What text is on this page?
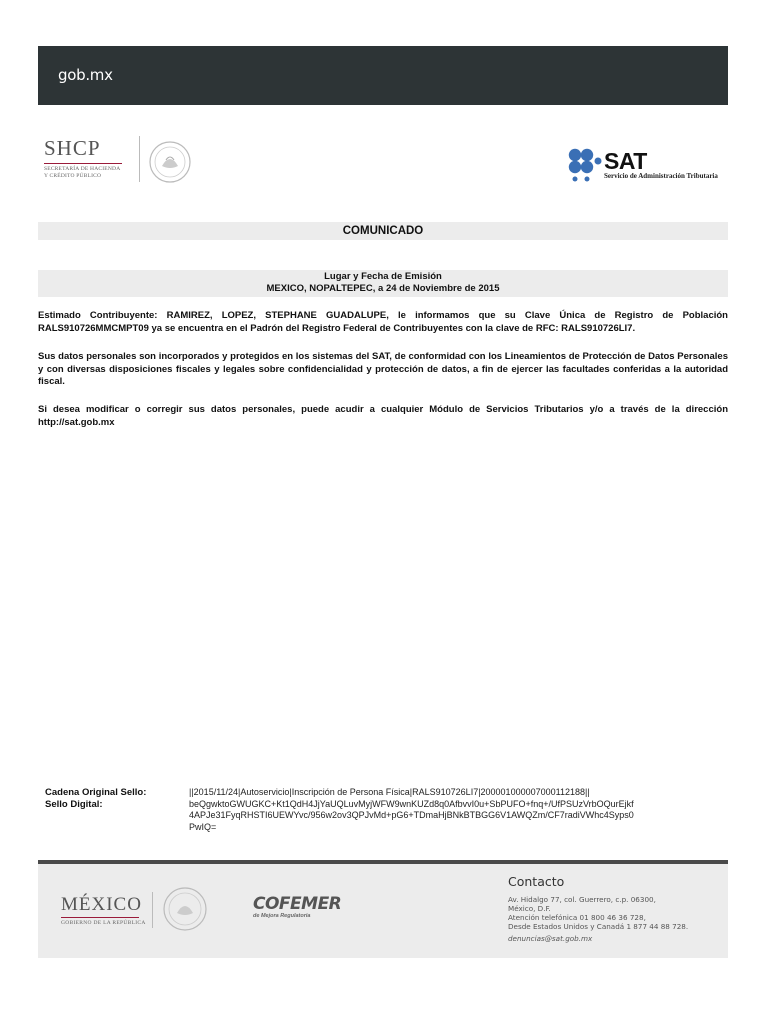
gob.mx
SHCP
SECRETARÍA DE HACIENDA
Y CRÉDITO PÚBLICO
SAT
Servicio de Administración Tributaria
COMUNICADO
Lugar y Fecha de Emisión
MEXICO, NOPALTEPEC, a 24 de Noviembre de 2015
Estimado Contribuyente: RAMIREZ, LOPEZ, STEPHANE GUADALUPE, le informamos que su Clave Única de Registro de Población RALS910726MMCMPT09 ya se encuentra en el Padrón del Registro Federal de Contribuyentes con la clave de RFC: RALS910726LI7.
Sus datos personales son incorporados y protegidos en los sistemas del SAT, de conformidad con los Lineamientos de Protección de Datos Personales y con diversas disposiciones fiscales y legales sobre confidencialidad y protección de datos, a fin de ejercer las facultades conferidas a la autoridad fiscal.
Si desea modificar o corregir sus datos personales, puede acudir a cualquier Módulo de Servicios Tributarios y/o a través de la dirección http://sat.gob.mx
Cadena Original Sello:
Sello Digital:
||2015/11/24|Autoservicio|Inscripción de Persona Física|RALS910726LI7|200001000007000112188||
beQgwktoGWUGKC+Kt1QdH4JjYaUQLuvMyjWFW9wnKUZd8q0AfbvvI0u+SbPUFO+fnq+/UfPSUzVrbOQurEjkf
4APJe31FyqRHSTI6UEWYvc/956w2ov3QPJvMd+pG6+TDmaHjBNkBTBGG6V1AWQZm/CF7radiVWhc4Syps0
PwIQ=
MÉXICO
GOBIERNO DE LA REPÚBLICA
COFEMER
de Mejora Regulatoria
Contacto
Av. Hidalgo 77, col. Guerrero, c.p. 06300,
México, D.F.
Atención telefónica 01 800 46 36 728,
Desde Estados Unidos y Canadá 1 877 44 88 728.
denuncias@sat.gob.mx
